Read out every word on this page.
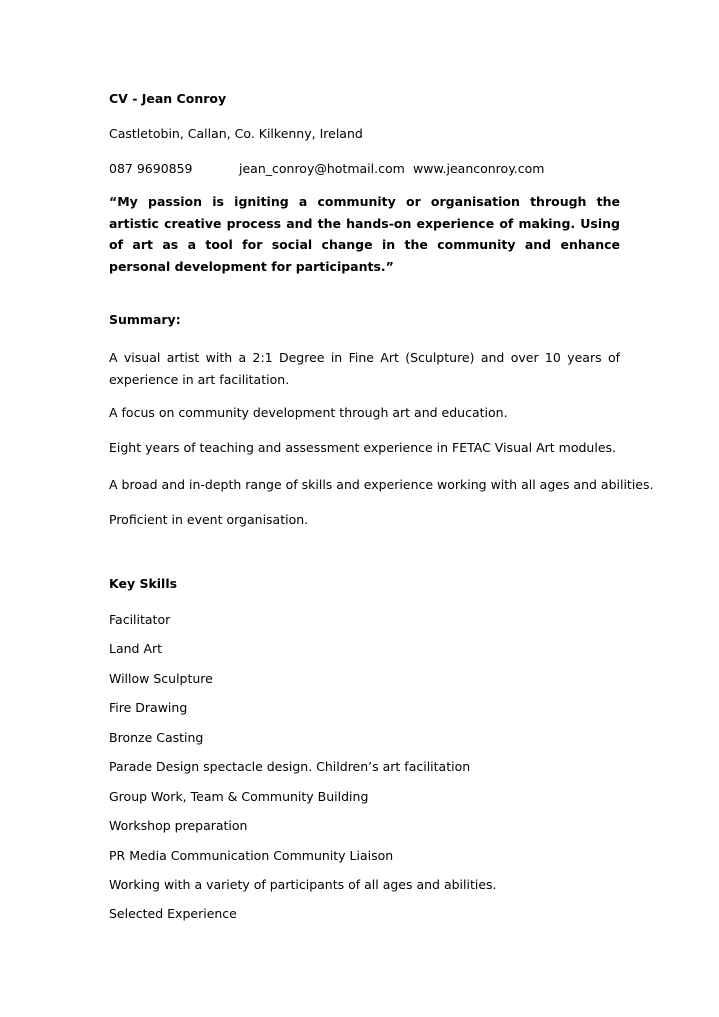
CV - Jean Conroy

Castletobin, Callan, Co. Kilkenny, Ireland

087 9690859	jean_conroy@hotmail.com www.jeanconroy.com

“My passion is igniting a community or organisation through the artistic creative process and the hands-on experience of making. Using of art as a tool for social change in the community and enhance personal development for participants.”

Summary:

A visual artist with a 2:1 Degree in Fine Art (Sculpture) and over 10 years of experience in art facilitation.

A focus on community development through art and education.

Eight years of teaching and assessment experience in FETAC Visual Art modules.

A broad and in-depth range of skills and experience working with all ages and abilities.

Proficient in event organisation.

Key Skills

Facilitator

Land Art

Willow Sculpture

Fire Drawing

Bronze Casting

Parade Design spectacle design. Children’s art facilitation

Group Work, Team & Community Building

Workshop preparation

PR Media Communication Community Liaison

Working with a variety of participants of all ages and abilities.

Selected Experience
